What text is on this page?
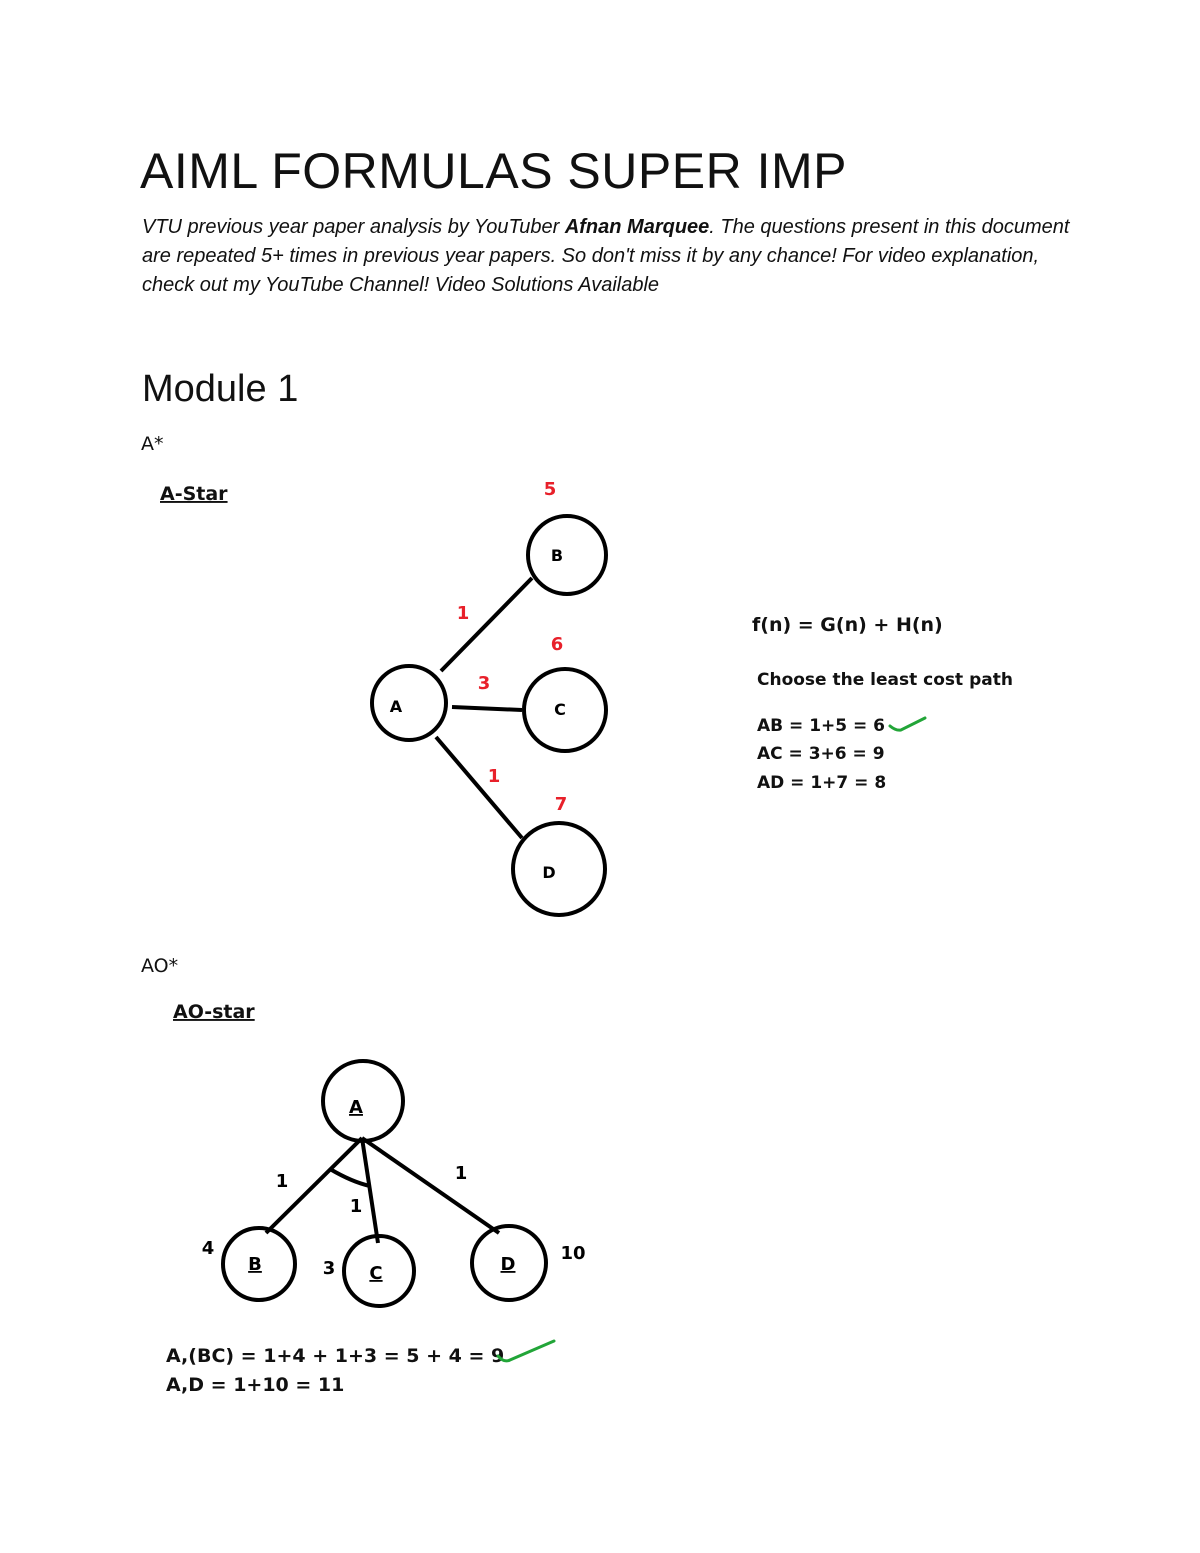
AIML FORMULAS SUPER IMP

VTU previous year paper analysis by YouTuber Afnan Marquee. The questions present in this document are repeated 5+ times in previous year papers. So don't miss it by any chance! For video explanation, check out my YouTube Channel! Video Solutions Available

Module 1
A*
AO*
A-Star
B
A	C
D
5
6
7
1
3
1
f(n) = G(n) + H(n)
Choose the least cost path
AB = 1+5 = 6
AC = 3+6 = 9
AD = 1+7 = 8
AO-star
A
B	C	D
1
1
1
4
3
10
A,(BC) = 1+4 + 1+3 = 5 + 4 = 9
A,D = 1+10 = 11
